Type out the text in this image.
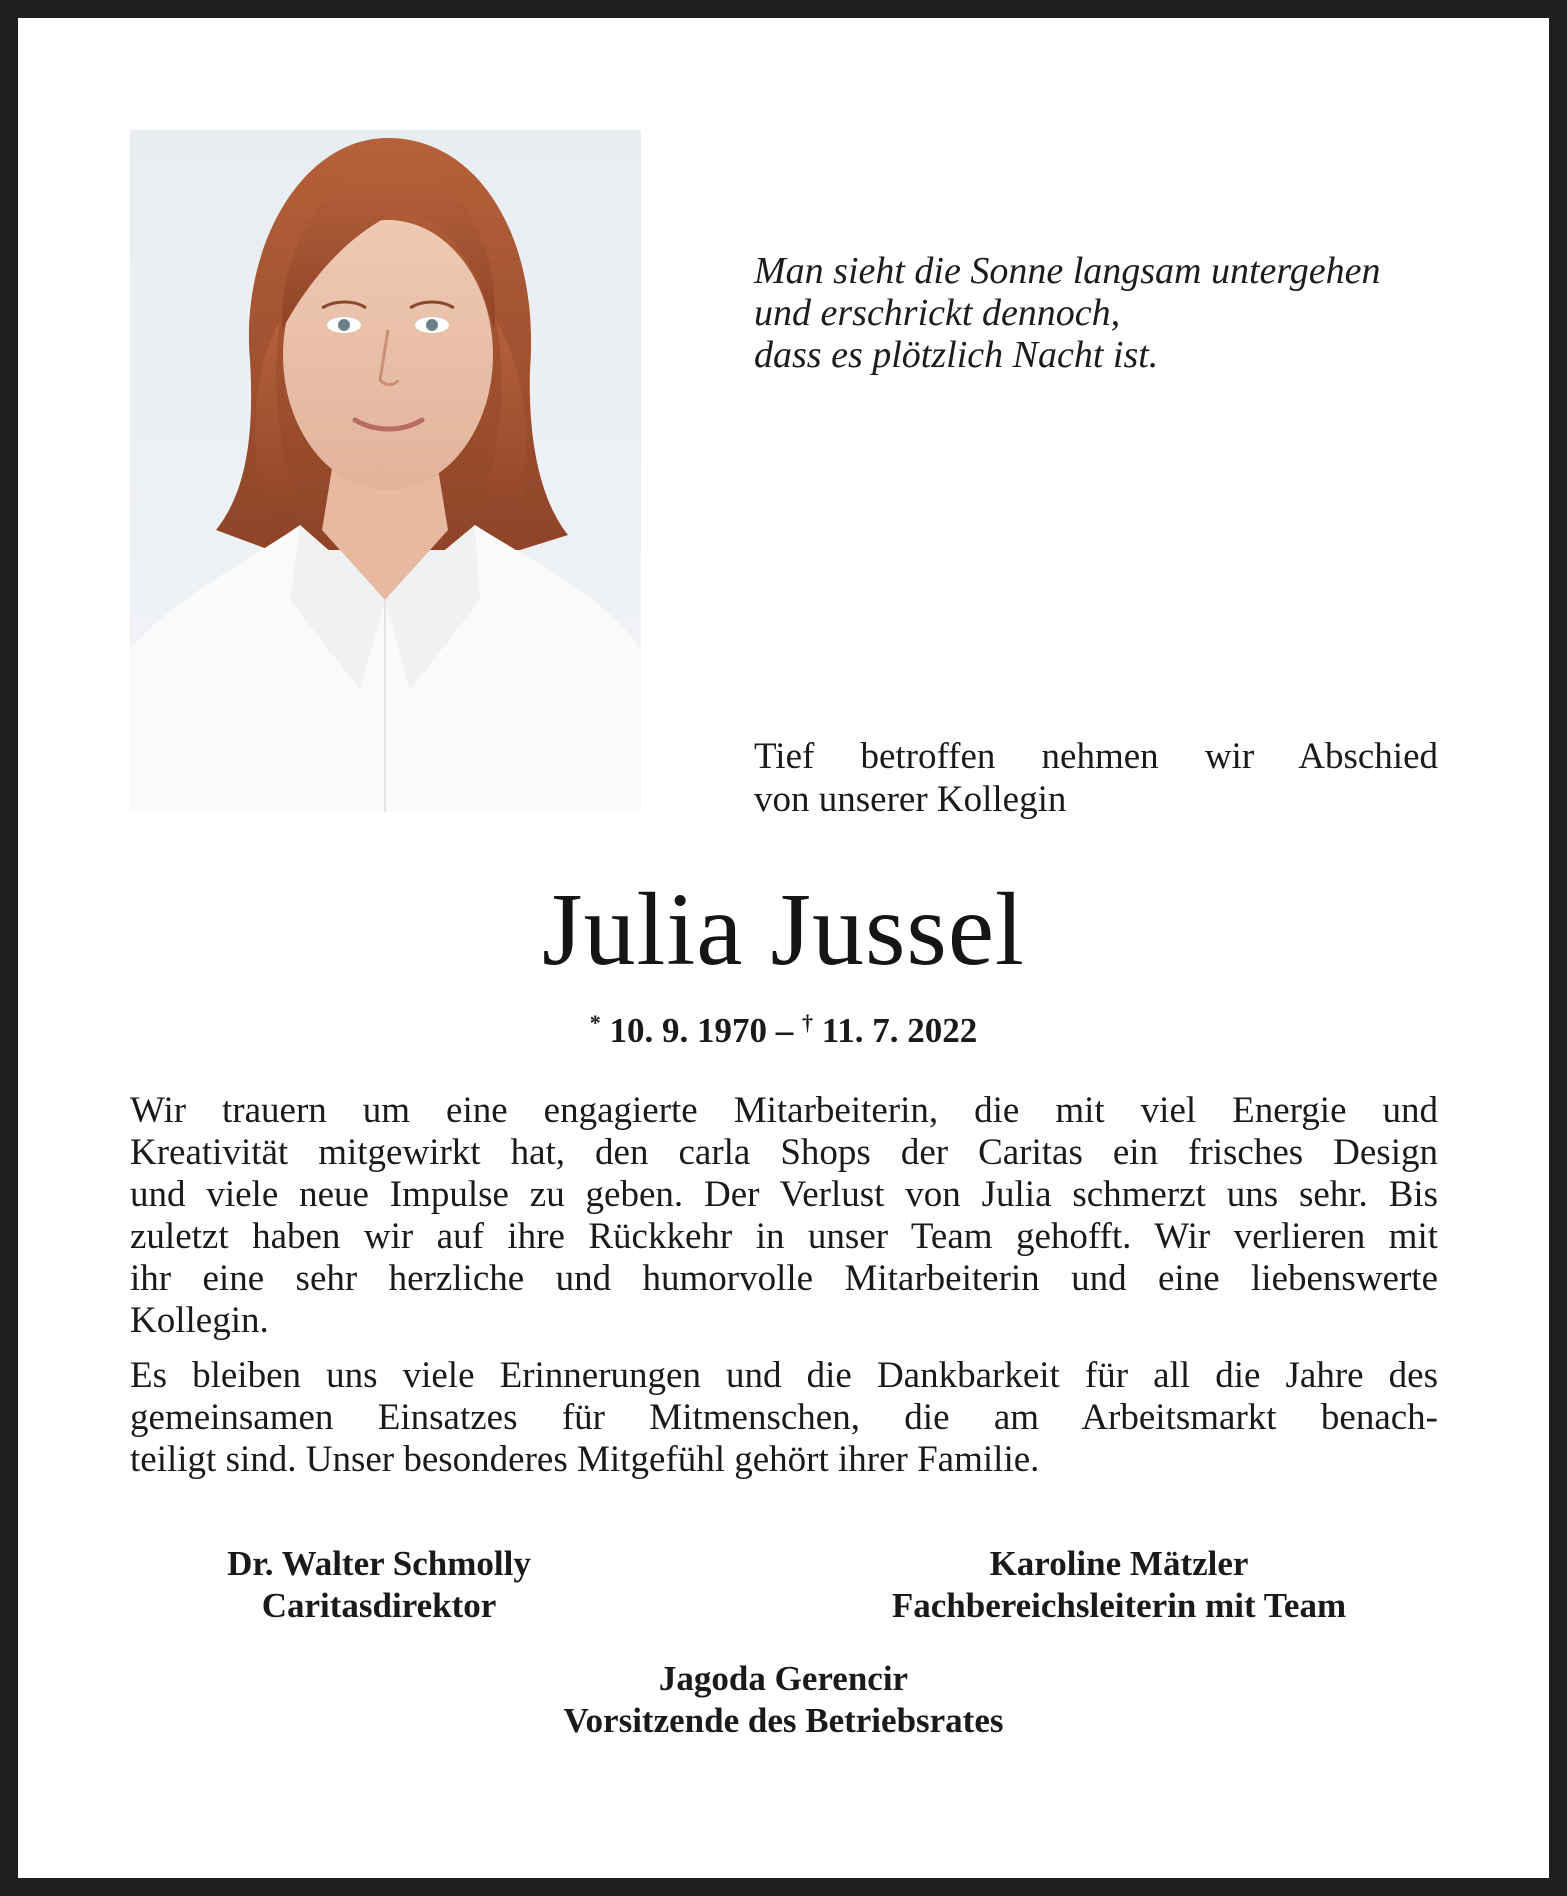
Man sieht die Sonne langsam untergehen
und erschrickt dennoch,
dass es plötzlich Nacht ist.
Tief betroffen nehmen wir Abschied
von unserer Kollegin
Julia Jussel
* 10. 9. 1970 – † 11. 7. 2022

Wir trauern um eine engagierte Mitarbeiterin, die mit viel Energie und
Kreativität mitgewirkt hat, den carla Shops der Caritas ein frisches Design
und viele neue Impulse zu geben. Der Verlust von Julia schmerzt uns sehr. Bis
zuletzt haben wir auf ihre Rückkehr in unser Team gehofft. Wir verlieren mit
ihr eine sehr herzliche und humorvolle Mitarbeiterin und eine liebenswerte
Kollegin.

Es bleiben uns viele Erinnerungen und die Dankbarkeit für all die Jahre des
gemeinsamen Einsatzes für Mitmenschen, die am Arbeitsmarkt benach-
teiligt sind. Unser besonderes Mitgefühl gehört ihrer Familie.

Dr. Walter Schmolly
Caritasdirektor
Karoline Mätzler
Fachbereichsleiterin mit Team
Jagoda Gerencir
Vorsitzende des Betriebsrates
